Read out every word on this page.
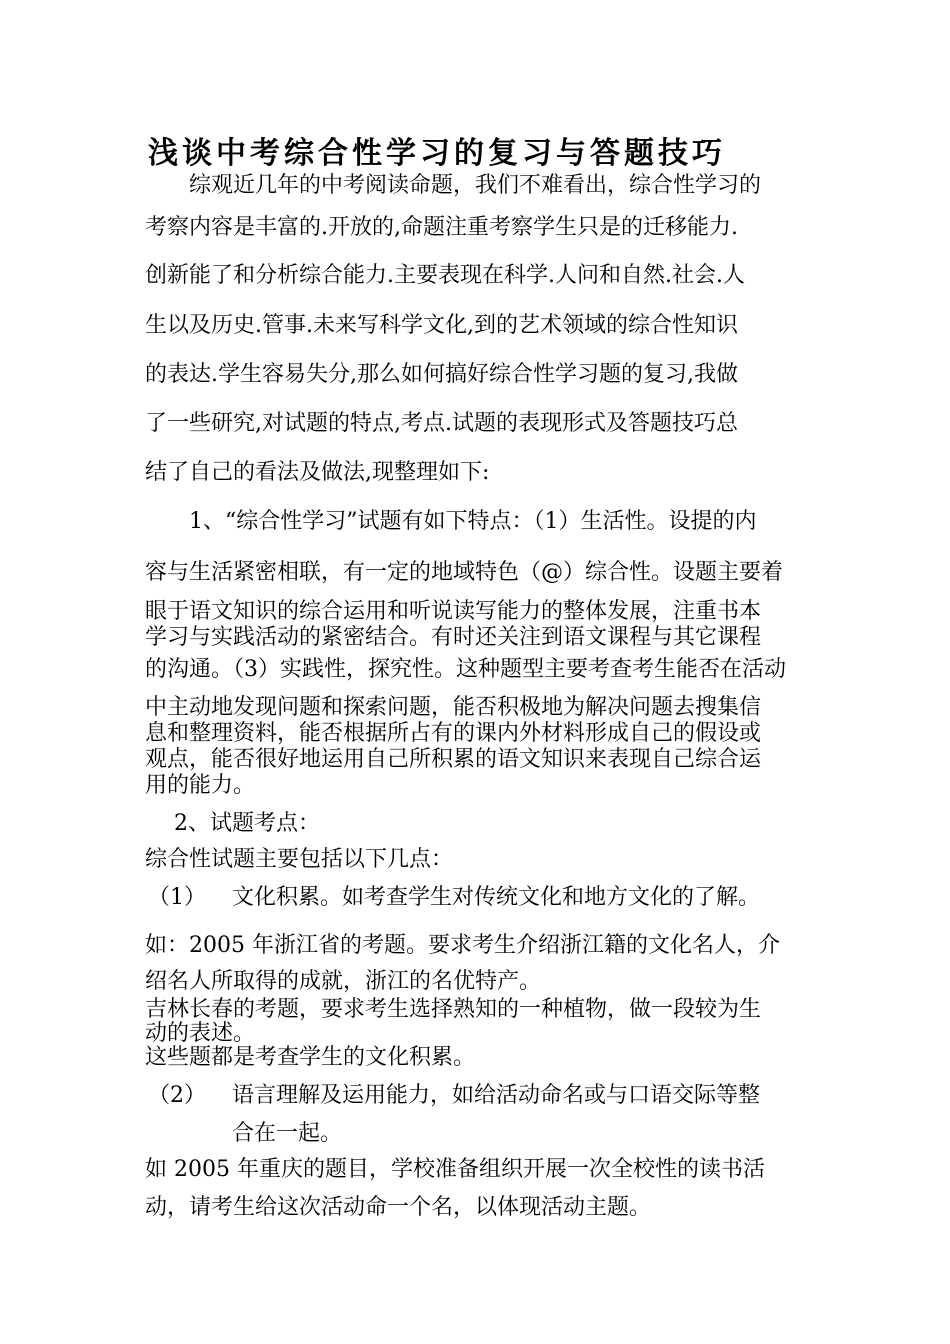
浅谈中考综合性学习的复习与答题技巧
　　综观近几年的中考阅读命题，我们不难看出，综合性学习的
考察内容是丰富的.开放的,命题注重考察学生只是的迁移能力.
创新能了和分析综合能力.主要表现在科学.人问和自然.社会.人
生以及历史.管事.未来写科学文化,到的艺术领域的综合性知识
的表达.学生容易失分,那么如何搞好综合性学习题的复习,我做
了一些研究,对试题的特点,考点.试题的表现形式及答题技巧总
结了自己的看法及做法,现整理如下:
　　1、“综合性学习”试题有如下特点：（1）生活性。设提的内
容与生活紧密相联，有一定的地域特色（@）综合性。设题主要着
眼于语文知识的综合运用和听说读写能力的整体发展，注重书本
学习与实践活动的紧密结合。有时还关注到语文课程与其它课程
的沟通。（3）实践性，探究性。这种题型主要考查考生能否在活动
中主动地发现问题和探索问题，能否积极地为解决问题去搜集信
息和整理资料，能否根据所占有的课内外材料形成自己的假设或
观点，能否很好地运用自己所积累的语文知识来表现自己综合运
用的能力。
　 2、试题考点：
综合性试题主要包括以下几点：
（1） 文化积累。如考查学生对传统文化和地方文化的了解。
如：2005 年浙江省的考题。要求考生介绍浙江籍的文化名人，介
绍名人所取得的成就，浙江的名优特产。
吉林长春的考题，要求考生选择熟知的一种植物，做一段较为生
动的表述。
这些题都是考查学生的文化积累。
（2） 语言理解及运用能力，如给活动命名或与口语交际等整
合在一起。
如 2005 年重庆的题目，学校准备组织开展一次全校性的读书活
动，请考生给这次活动命一个名，以体现活动主题。
